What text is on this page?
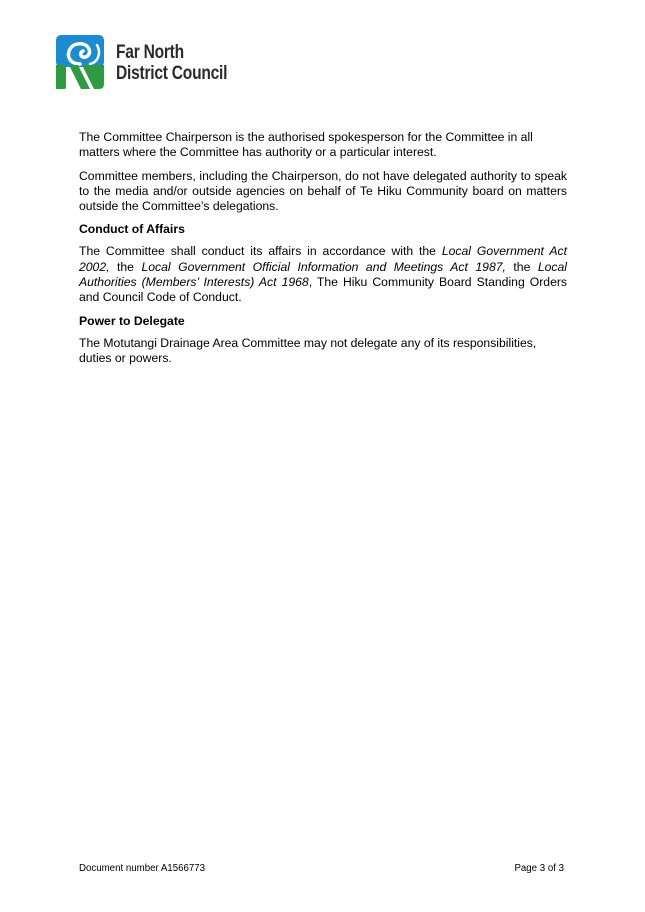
Far North
District Council

The Committee Chairperson is the authorised spokesperson for the Committee in all matters where the Committee has authority or a particular interest.

Committee members, including the Chairperson, do not have delegated authority to speak to the media and/or outside agencies on behalf of Te Hiku Community board on matters outside the Committee’s delegations.

Conduct of Affairs

The Committee shall conduct its affairs in accordance with the Local Government Act 2002, the Local Government Official Information and Meetings Act 1987, the Local Authorities (Members’ Interests) Act 1968, The Hiku Community Board Standing Orders and Council Code of Conduct.

Power to Delegate

The Motutangi Drainage Area Committee may not delegate any of its responsibilities, duties or powers.

Document number A1566773	Page 3 of 3
